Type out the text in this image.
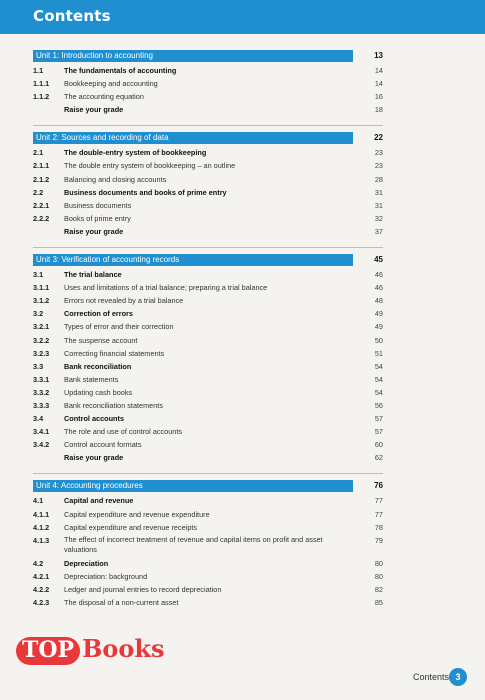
Contents
Unit 1: Introduction to accounting	13
1.1	The fundamentals of accounting	14
1.1.1	Bookkeeping and accounting	14
1.1.2	The accounting equation	16
Raise your grade	18
Unit 2: Sources and recording of data	22
2.1	The double-entry system of bookkeeping	23
2.1.1	The double entry system of bookkeeping – an outline	23
2.1.2	Balancing and closing accounts	28
2.2	Business documents and books of prime entry	31
2.2.1	Business documents	31
2.2.2	Books of prime entry	32
Raise your grade	37
Unit 3: Verification of accounting records	45
3.1	The trial balance	46
3.1.1	Uses and limitations of a trial balance; preparing a trial balance	46
3.1.2	Errors not revealed by a trial balance	48
3.2	Correction of errors	49
3.2.1	Types of error and their correction	49
3.2.2	The suspense account	50
3.2.3	Correcting financial statements	51
3.3	Bank reconciliation	54
3.3.1	Bank statements	54
3.3.2	Updating cash books	54
3.3.3	Bank reconciliation statements	56
3.4	Control accounts	57
3.4.1	The role and use of control accounts	57
3.4.2	Control account formats	60
Raise your grade	62
Unit 4: Accounting procedures	76
4.1	Capital and revenue	77
4.1.1	Capital expenditure and revenue expenditure	77
4.1.2	Capital expenditure and revenue receipts	78
4.1.3	The effect of incorrect treatment of revenue and capital items on profit and asset valuations
79
4.2	Depreciation	80
4.2.1	Depreciation: background	80
4.2.2	Ledger and journal entries to record depreciation	82
4.2.3	The disposal of a non-current asset	85
TOP Books
Contents 3
